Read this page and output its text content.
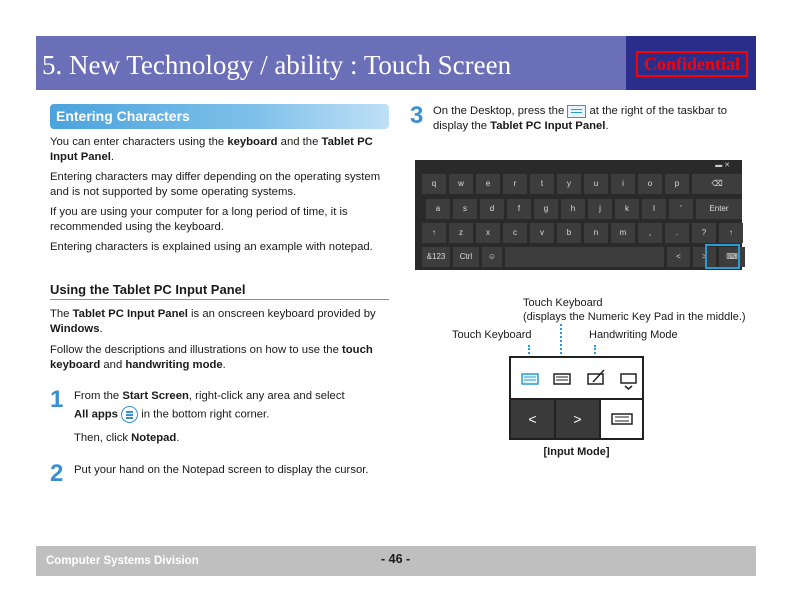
5. New Technology / ability : Touch Screen	Confidential
Entering Characters
You can enter characters using the keyboard and the Tablet PC Input Panel.
Entering characters may differ depending on the operating system and is not supported by some operating systems.
If you are using your computer for a long period of time, it is recommended using the keyboard.
Entering characters is explained using an example with notepad.
Using the Tablet PC Input Panel
The Tablet PC Input Panel is an onscreen keyboard provided by Windows.
Follow the descriptions and illustrations on how to use the touch keyboard and handwriting mode.
1 From the Start Screen, right-click any area and select
All apps
in the bottom right corner.
Then, click Notepad.
2 Put your hand on the Notepad screen to display the cursor.
3 On the Desktop, press the
at the right of the taskbar to
display the Tablet PC Input Panel.
▬ ✕
q	w	e	r	t	y	u	i	o	p	⌫
a	s	d	f	g	h	j	k	l	'	Enter
↑	z	x	c	v	b	n	m	,	.	?	↑
&123	Ctrl	☺	<	>	⌨
Touch Keyboard
(displays the Numeric Key Pad in the middle.)
Touch Keyboard	Handwriting Mode
<	>
[Input Mode]
Computer Systems Division	- 46 -
